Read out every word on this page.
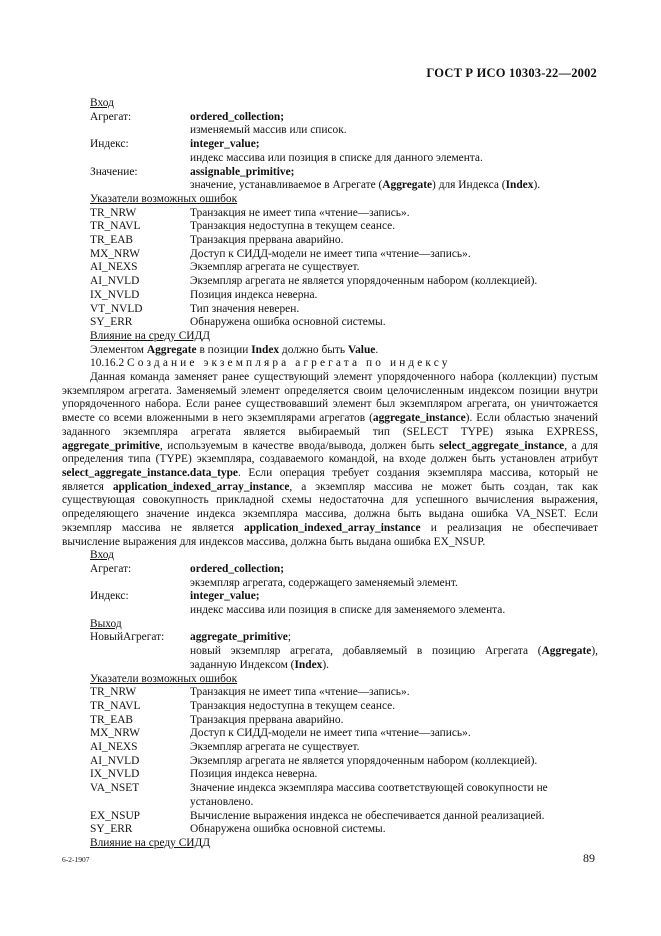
ГОСТ Р ИСО 10303-22—2002
Вход
Агрегат:	ordered_collection;
изменяемый массив или список.
Индекс:	integer_value;
индекс массива или позиция в списке для данного элемента.
Значение:	assignable_primitive;
значение, устанавливаемое в Агрегате (Aggregate) для Индекса (Index).
Указатели возможных ошибок
TR_NRW	Транзакция не имеет типа «чтение—запись».
TR_NAVL	Транзакция недоступна в текущем сеансе.
TR_EAB	Транзакция прервана аварийно.
MX_NRW	Доступ к СИДД-модели не имеет типа «чтение—запись».
AI_NEXS	Экземпляр агрегата не существует.
AI_NVLD	Экземпляр агрегата не является упорядоченным набором (коллекцией).
IX_NVLD	Позиция индекса неверна.
VT_NVLD	Тип значения неверен.
SY_ERR	Обнаружена ошибка основной системы.
Влияние на среду СИДД
Элементом Aggregate в позиции Index должно быть Value.
10.16.2 Создание экземпляра агрегата по индексу
Данная команда заменяет ранее существующий элемент упорядоченного набора (коллекции) пустым экземпляром агрегата. Заменяемый элемент определяется своим целочисленным индексом позиции внутри упорядоченного набора. Если ранее существовавший элемент был экземпляром агрегата, он уничтожается вместе со всеми вложенными в него экземплярами агрегатов (aggregate_instance). Если областью значений заданного экземпляра агрегата является выбираемый тип (SELECT TYPE) языка EXPRESS, aggregate_primitive, используемым в качестве ввода/вывода, должен быть select_aggregate_instance, а для определения типа (TYPE) экземпляра, создаваемого командой, на входе должен быть установлен атрибут select_aggregate_instance.data_type. Если операция требует создания экземпляра массива, который не является application_indexed_array_instance, а экземпляр массива не может быть создан, так как существующая совокупность прикладной схемы недостаточна для успешного вычисления выражения, определяющего значение индекса экземпляра массива, должна быть выдана ошибка VA_NSET. Если экземпляр массива не является application_indexed_array_instance и реализация не обеспечивает вычисление выражения для индексов массива, должна быть выдана ошибка EX_NSUP.
Вход
Агрегат:	ordered_collection;
экземпляр агрегата, содержащего заменяемый элемент.
Индекс:	integer_value;
индекс массива или позиция в списке для заменяемого элемента.
Выход
НовыйАгрегат:	aggregate_primitive;
новый экземпляр агрегата, добавляемый в позицию Агрегата (Aggregate), заданную Индексом (Index).
Указатели возможных ошибок
TR_NRW	Транзакция не имеет типа «чтение—запись».
TR_NAVL	Транзакция недоступна в текущем сеансе.
TR_EAB	Транзакция прервана аварийно.
MX_NRW	Доступ к СИДД-модели не имеет типа «чтение—запись».
AI_NEXS	Экземпляр агрегата не существует.
AI_NVLD	Экземпляр агрегата не является упорядоченным набором (коллекцией).
IX_NVLD	Позиция индекса неверна.
VA_NSET	Значение индекса экземпляра массива соответствующей совокупности не установлено.
EX_NSUP	Вычисление выражения индекса не обеспечивается данной реализацией.
SY_ERR	Обнаружена ошибка основной системы.
Влияние на среду СИДД
6-2-1907	89
